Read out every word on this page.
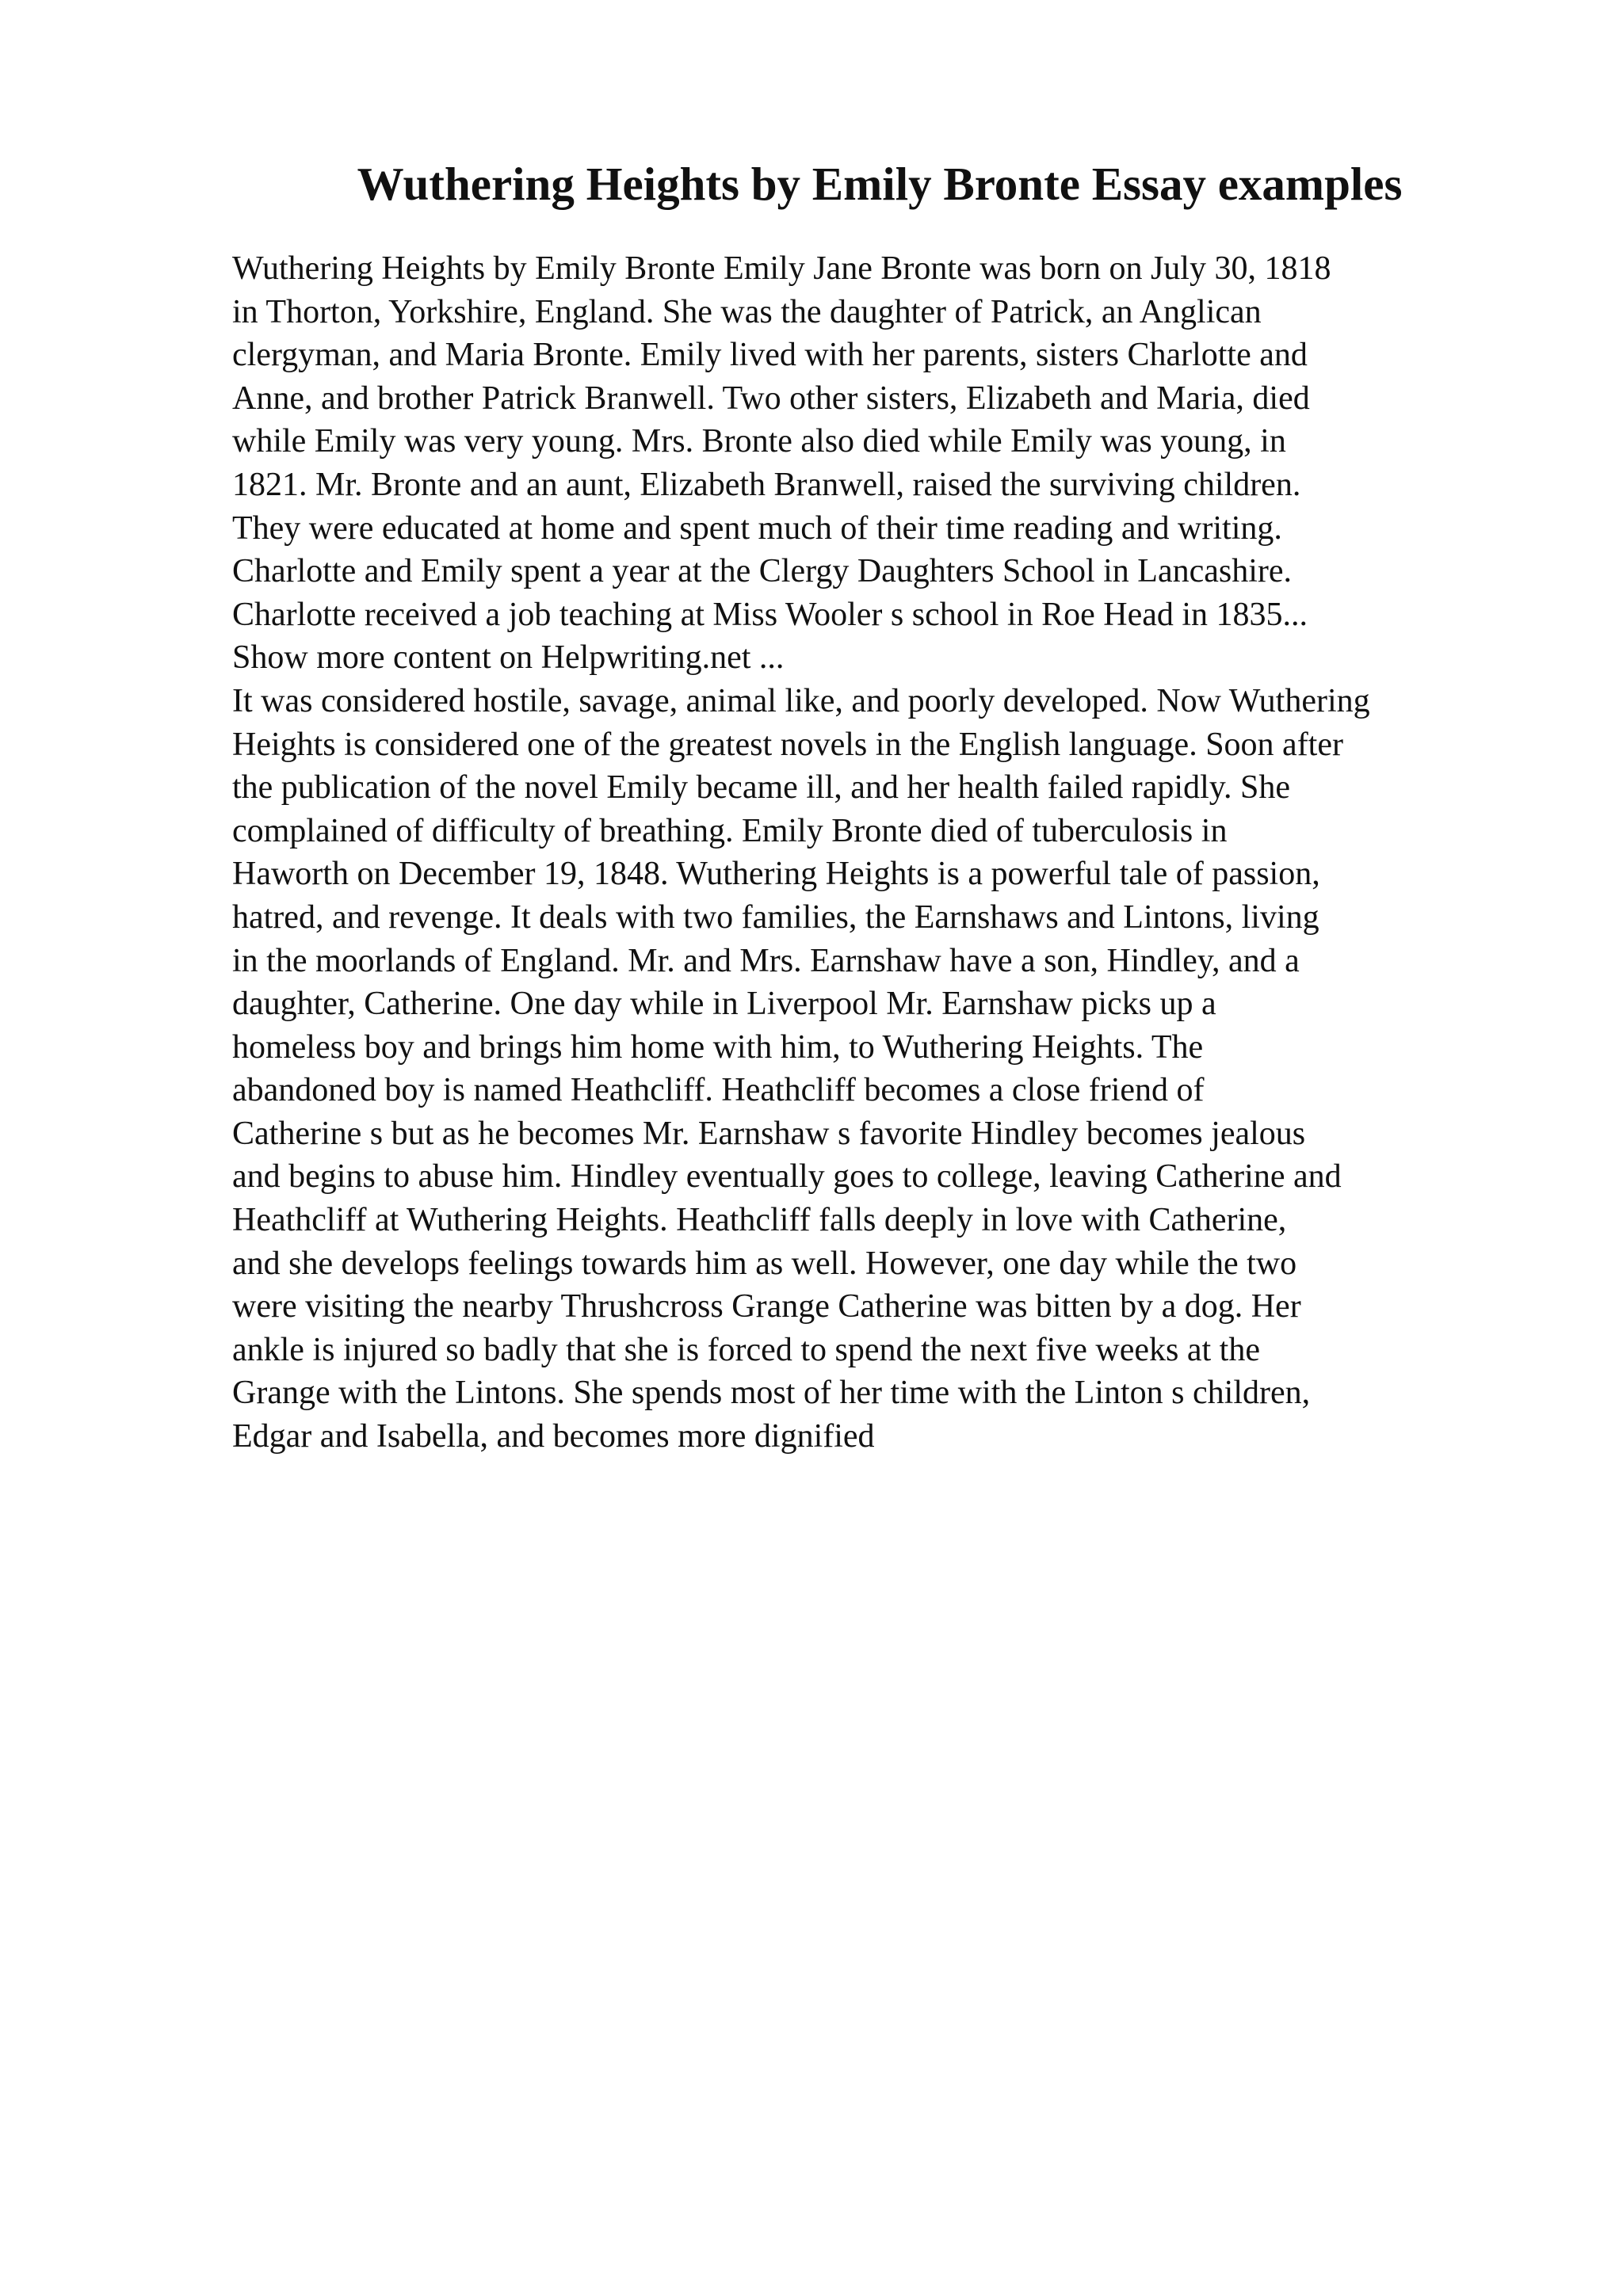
Wuthering Heights by Emily Bronte Essay examples
Wuthering Heights by Emily Bronte Emily Jane Bronte was born on July 30, 1818
in Thorton, Yorkshire, England. She was the daughter of Patrick, an Anglican
clergyman, and Maria Bronte. Emily lived with her parents, sisters Charlotte and
Anne, and brother Patrick Branwell. Two other sisters, Elizabeth and Maria, died
while Emily was very young. Mrs. Bronte also died while Emily was young, in
1821. Mr. Bronte and an aunt, Elizabeth Branwell, raised the surviving children.
They were educated at home and spent much of their time reading and writing.
Charlotte and Emily spent a year at the Clergy Daughters School in Lancashire.
Charlotte received a job teaching at Miss Wooler s school in Roe Head in 1835...
Show more content on Helpwriting.net ...
It was considered hostile, savage, animal like, and poorly developed. Now Wuthering
Heights is considered one of the greatest novels in the English language. Soon after
the publication of the novel Emily became ill, and her health failed rapidly. She
complained of difficulty of breathing. Emily Bronte died of tuberculosis in
Haworth on December 19, 1848. Wuthering Heights is a powerful tale of passion,
hatred, and revenge. It deals with two families, the Earnshaws and Lintons, living
in the moorlands of England. Mr. and Mrs. Earnshaw have a son, Hindley, and a
daughter, Catherine. One day while in Liverpool Mr. Earnshaw picks up a
homeless boy and brings him home with him, to Wuthering Heights. The
abandoned boy is named Heathcliff. Heathcliff becomes a close friend of
Catherine s but as he becomes Mr. Earnshaw s favorite Hindley becomes jealous
and begins to abuse him. Hindley eventually goes to college, leaving Catherine and
Heathcliff at Wuthering Heights. Heathcliff falls deeply in love with Catherine,
and she develops feelings towards him as well. However, one day while the two
were visiting the nearby Thrushcross Grange Catherine was bitten by a dog. Her
ankle is injured so badly that she is forced to spend the next five weeks at the
Grange with the Lintons. She spends most of her time with the Linton s children,
Edgar and Isabella, and becomes more dignified
